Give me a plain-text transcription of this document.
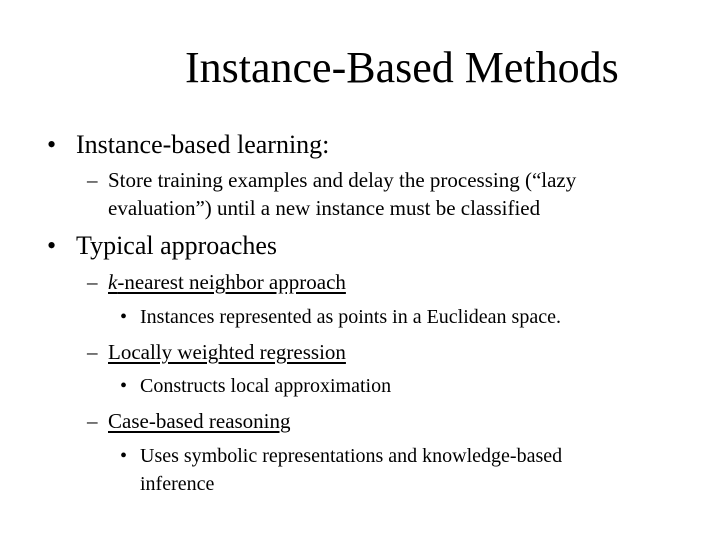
Instance-Based Methods
• Instance-based learning:
– Store training examples and delay the processing (“lazy
evaluation”) until a new instance must be classified
• Typical approaches
– k-nearest neighbor approach
• Instances represented as points in a Euclidean space.
– Locally weighted regression
• Constructs local approximation
– Case-based reasoning
• Uses symbolic representations and knowledge-based
inference
